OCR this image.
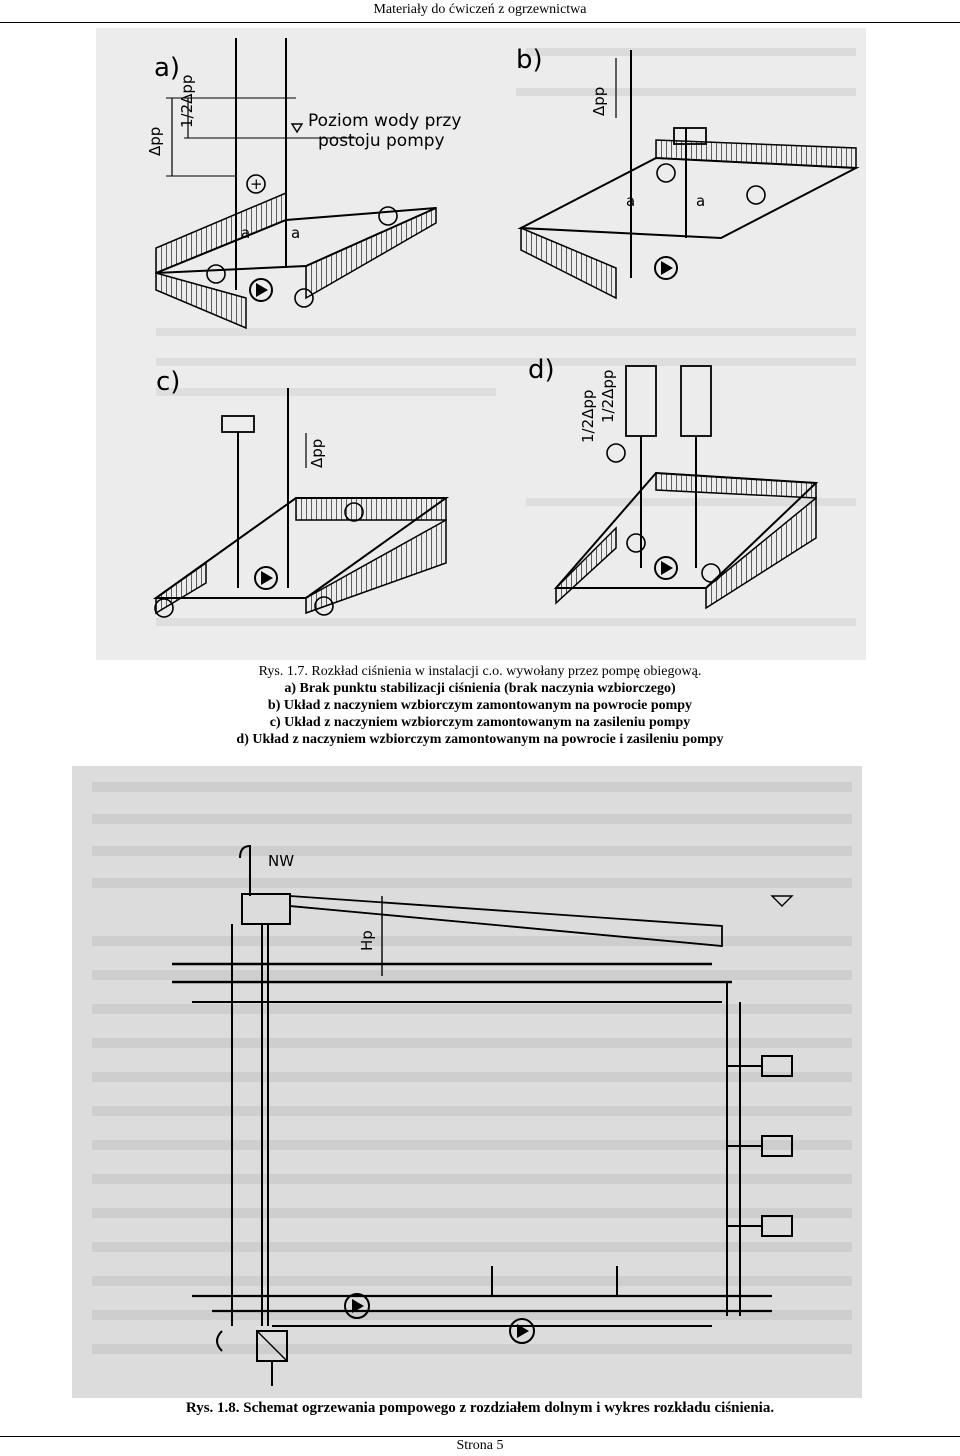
Materiały do ćwiczeń z ogrzewnictwa
a)
Δpp
1/2Δpp	Poziom wody przy
postoju pompy
+
a	a
b)
Δpp
a	a
c)
Δpp
d)
1/2Δpp 1/2Δpp
Rys. 1.7. Rozkład ciśnienia w instalacji c.o. wywołany przez pompę obiegową.
a) Brak punktu stabilizacji ciśnienia (brak naczynia wzbiorczego)
b) Układ z naczyniem wzbiorczym zamontowanym na powrocie pompy
c) Układ z naczyniem wzbiorczym zamontowanym na zasileniu pompy
d) Układ z naczyniem wzbiorczym zamontowanym na powrocie i zasileniu pompy
NW
Hp
Rys. 1.8. Schemat ogrzewania pompowego z rozdziałem dolnym i wykres rozkładu ciśnienia.
Strona 5
